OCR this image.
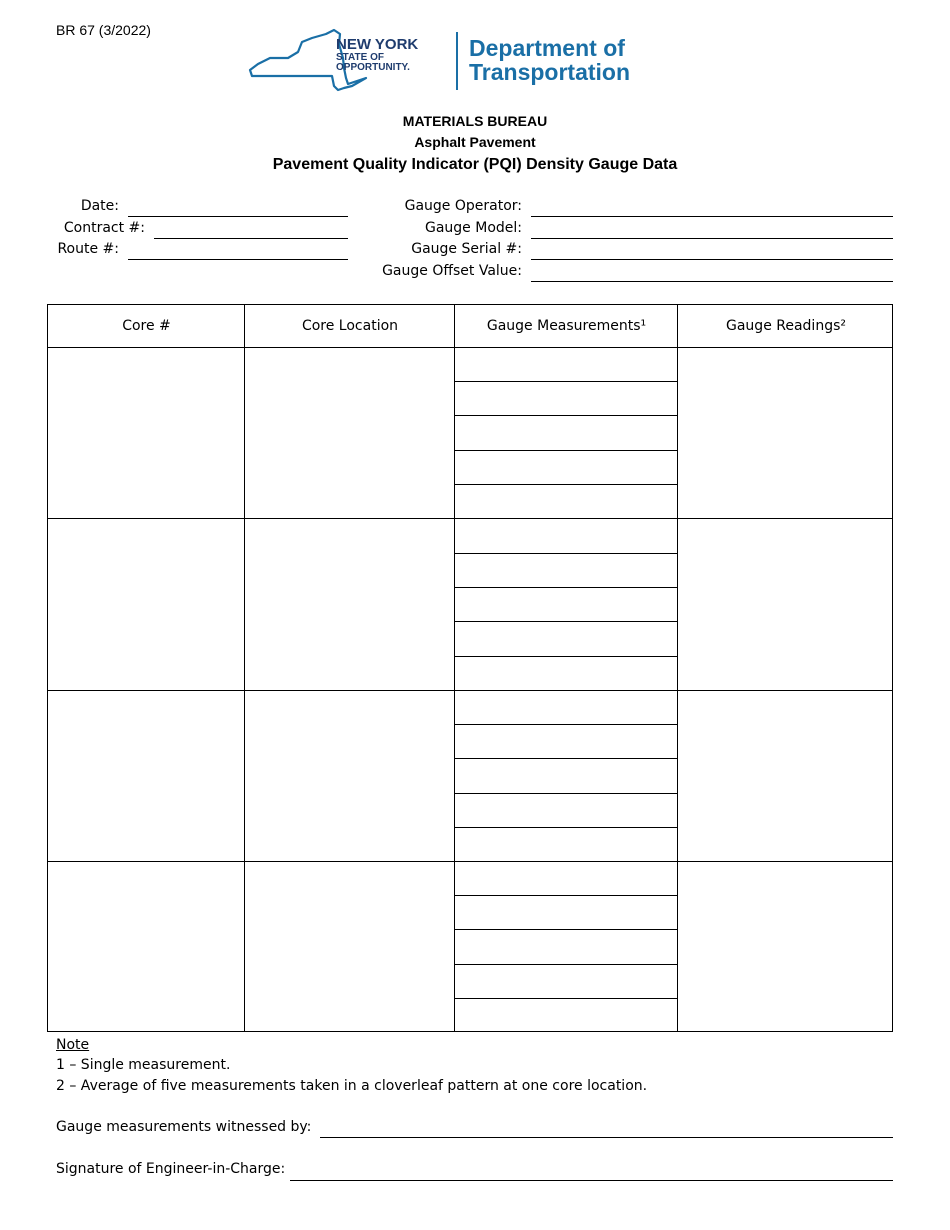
BR 67 (3/2022)
NEW YORK
STATE OF
OPPORTUNITY.
Department of
Transportation
MATERIALS BUREAU
Asphalt Pavement
Pavement Quality Indicator (PQI) Density Gauge Data
Date:
Contract #:
Route #:
Gauge Operator:
Gauge Model:
Gauge Serial #:
Gauge Offset Value:
Core #	Core Location	Gauge Measurements¹	Gauge Readings²
Note
1 – Single measurement.
2 – Average of five measurements taken in a cloverleaf pattern at one core location.
Gauge measurements witnessed by:
Signature of Engineer-in-Charge:
